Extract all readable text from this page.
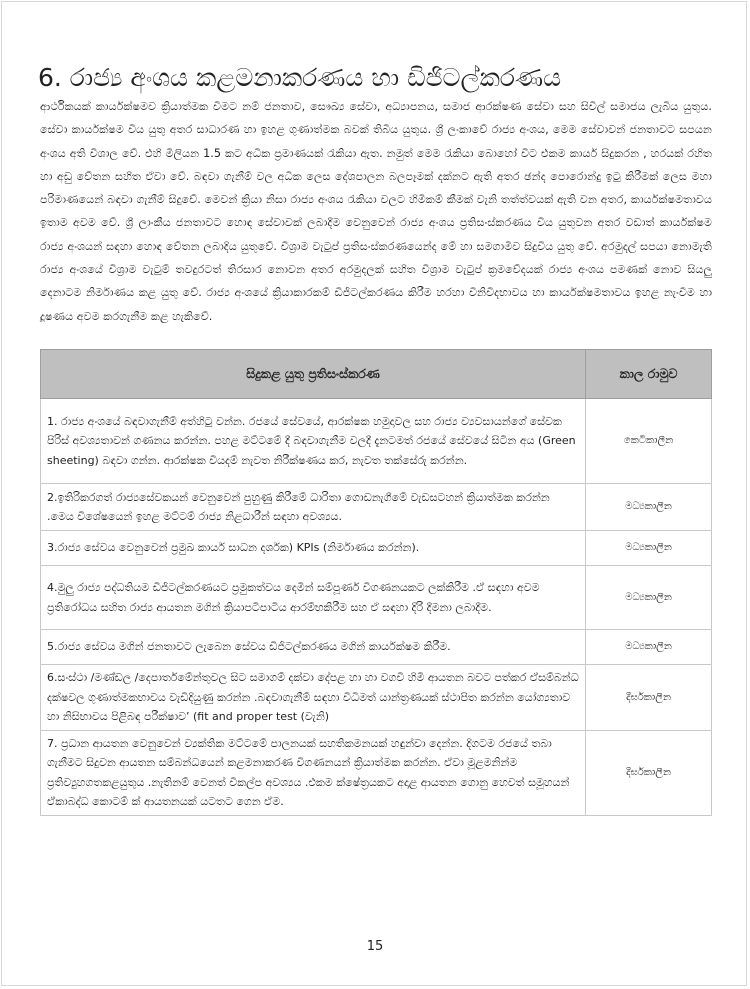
6. රාජ්‍ය අංශය කළමනාකරණය හා ඩිජිටල්කරණය

ආර්ථිකයක් කාර්යක්ෂමව ක්‍රියාත්මක වීමට නම් ජනතාව, සෞඛ්‍ය සේවා, අධ්‍යාපනය, සමාජ ආරක්ෂණ සේවා සහ සිවිල් සමාජය ලැබිය යුතුය. සේවා කාර්යක්ෂම විය යුතු අතර සාධාරණ හා ඉහළ ගුණාත්මක බවක් තිබිය යුතුය. ශ්‍රී ලංකාවේ රාජ්‍ය අංශය, මෙම සේවාවන් ජනතාවට සපයන අංශය අති විශාල වේ. එහි මිලියන 1.5 කට අධික ප්‍රමාණයක් රැකියා ඇත. නමුත් මෙම රැකියා බොහෝ විට එකම කාර්ය සිදුකරන , හරයක් රහිත හා අඩු වේතන සහිත ඒවා වේ. බඳවා ගැනීම් වල අධික ලෙස දේශපාලන බලපෑමක් දක්නට ඇති අතර ඡන්ද පොරොන්දු ඉටු කිරීමක් ලෙස මහා පරිමාණයෙන් බඳවා ගැනීම් සිදුවේ. මෙවන් ක්‍රියා නිසා රාජ්‍ය අංශය රැකියා වලට හිමිකම් කීමක් වැනි තත්ත්වයක් ඇති වන අතර, කාර්යක්ෂමතාවය ඉතාම අවම වේ. ශ්‍රී ලාංකීය ජනතාවට හොඳ සේවාවක් ලබාදීම වෙනුවෙන් රාජ්‍ය අංශය ප්‍රතිසංස්කරණය විය යුතුවන අතර වඩාත් කාර්යක්ෂම රාජ්‍ය අංශයන් සඳහා හොඳ වේතන ලබාදිය යුතුවේ. විශ්‍රාම වැටුප් ප්‍රතිසංස්කරණයෙන්ද මේ හා සමගාමීව සිදුවිය යුතු වේ. අරමුදල් සපයා නොමැති රාජ්‍ය අංශයේ විශ්‍රාම වැටුම් තවදුරටත් තිරසාර නොවන අතර අරමුදලක් සහිත විශ්‍රාම වැටුප් ක්‍රමවේදයක් රාජ්‍ය අංශය පමණක් නොව සියලු දෙනාටම නිර්මාණය කළ යුතු වේ. රාජ්‍ය අංශයේ ක්‍රියාකාරකම් ඩිජිටල්කරණය කිරීම හරහා විනිවිදභාවය හා කාර්යක්ෂමතාවය ඉහළ නැංවීම හා දූෂණය අවම කරගැනීම කළ හැකිවේ.

සිදුකළ යුතු ප්‍රතිසංස්කරණ	කාල රාමුව
1. රාජ්‍ය අංශයේ බඳවාගැනීම් අත්හිටු වන්න. රජයේ සේවයේ, ආරක්ෂක හමුදාවල සහ රාජ්‍ය ව්‍යවසායන්ගේ සේවක පිරිස් අවශ්‍යතාවන් ගණනය කරන්න. පහළ මට්ටමේ දී බඳවාගැනීම වලදී දැනටමත් රජයේ සේවයේ සිටින අය (Green sheeting) බඳවා ගන්න. ආරක්ෂක වියදම් නැවත නිරීක්ෂණය කර, නැවත තක්සේරු කරන්න.	කෙටිකාලීන
2.ඉතිරිකරගත් රාජ්‍යසේවකයන් වෙනුවෙන් පුහුණු කිරීමේ ධාරිතා ගොඩනැගීමේ වැඩසටහන් ක්‍රියාත්මක කරන්න .මෙය විශේෂයෙන් ඉහළ මට්ටම් රාජ්‍ය නිළධාරීන් සඳහා අවශ්‍යය.	මධ්‍යකාලීන
3.රාජ්‍ය සේවය වෙනුවෙන් ප්‍රමුඛ කාර්ය සාධන දර්ශක) KPIs (නිර්මාණය කරන්න).	මධ්‍යකාලීන
4.මුලු රාජ්‍ය පද්ධතියම ඩිජිටල්කරණයට ප්‍රමුකත්වය දෙමින් සම්පූර්ණ විගණනයකට ලක්කිරීම .ඒ සඳහා අවම ප්‍රතිරෝධය සහිත රාජ්‍ය ආයතන මගින් ක්‍රියාපටිපාටිය ආරම්භකිරීම සහ ඒ සඳහා දිරි දීමනා ලබාදීම.	මධ්‍යකාලීන
5.රාජ්‍ය සේවය මගින් ජනතාවට ලැබෙන සේවය ඩිජිටල්කරණය මගින් කාර්යක්ෂම කිරීම.	මධ්‍යකාලීන
6.සංස්ථා /මණ්ඩල /දෙපාර්තමේන්තුවල සිට සමාගම් දක්වා දේපළ හා හා වගවී හිමි ආයතන බවට පත්කර ඒසම්බන්ධ දක්ෂවල ගුණාත්මකභාවය වැඩිදියුණු කරන්න .බඳවාගැනීම් සඳහා විධිමත් යාන්ත්‍රණයක් ස්ථාපිත කරන්න යෝග්‍යතාව හා නිසිභාවය පිළිබඳ පරීක්ෂාව’ (fit and proper test (වැනි)	දීර්ඝකාලීන
7. ප්‍රධාන ආයතන වෙනුවෙන් ව්‍යක්තික මට්ටමේ පාලනයක් සහතිකමනයක් හඳුන්වා දෙන්න. දිගටම රජයේ තබා ගැනීමට සිදුවන ආයතන සම්බන්ධයෙන් කළමනාකරණ විගණනයන් ක්‍රියාත්මක කරන්න. ඒවා මූළමනින්ම ප්‍රතිව්‍යුහගතකළයුතුය .නැතිනම් වෙනත් විකල්ප අවශ්‍යය .එකම ක්ෂේත්‍රයකට අදාළ ආයතන ගොනු හෙවත් සමූහයන් ඒකාබද්ධ කොටම් ක් ආයතනයක් යටතට ගෙන ඒම.	දීර්ඝකාලීන
15
